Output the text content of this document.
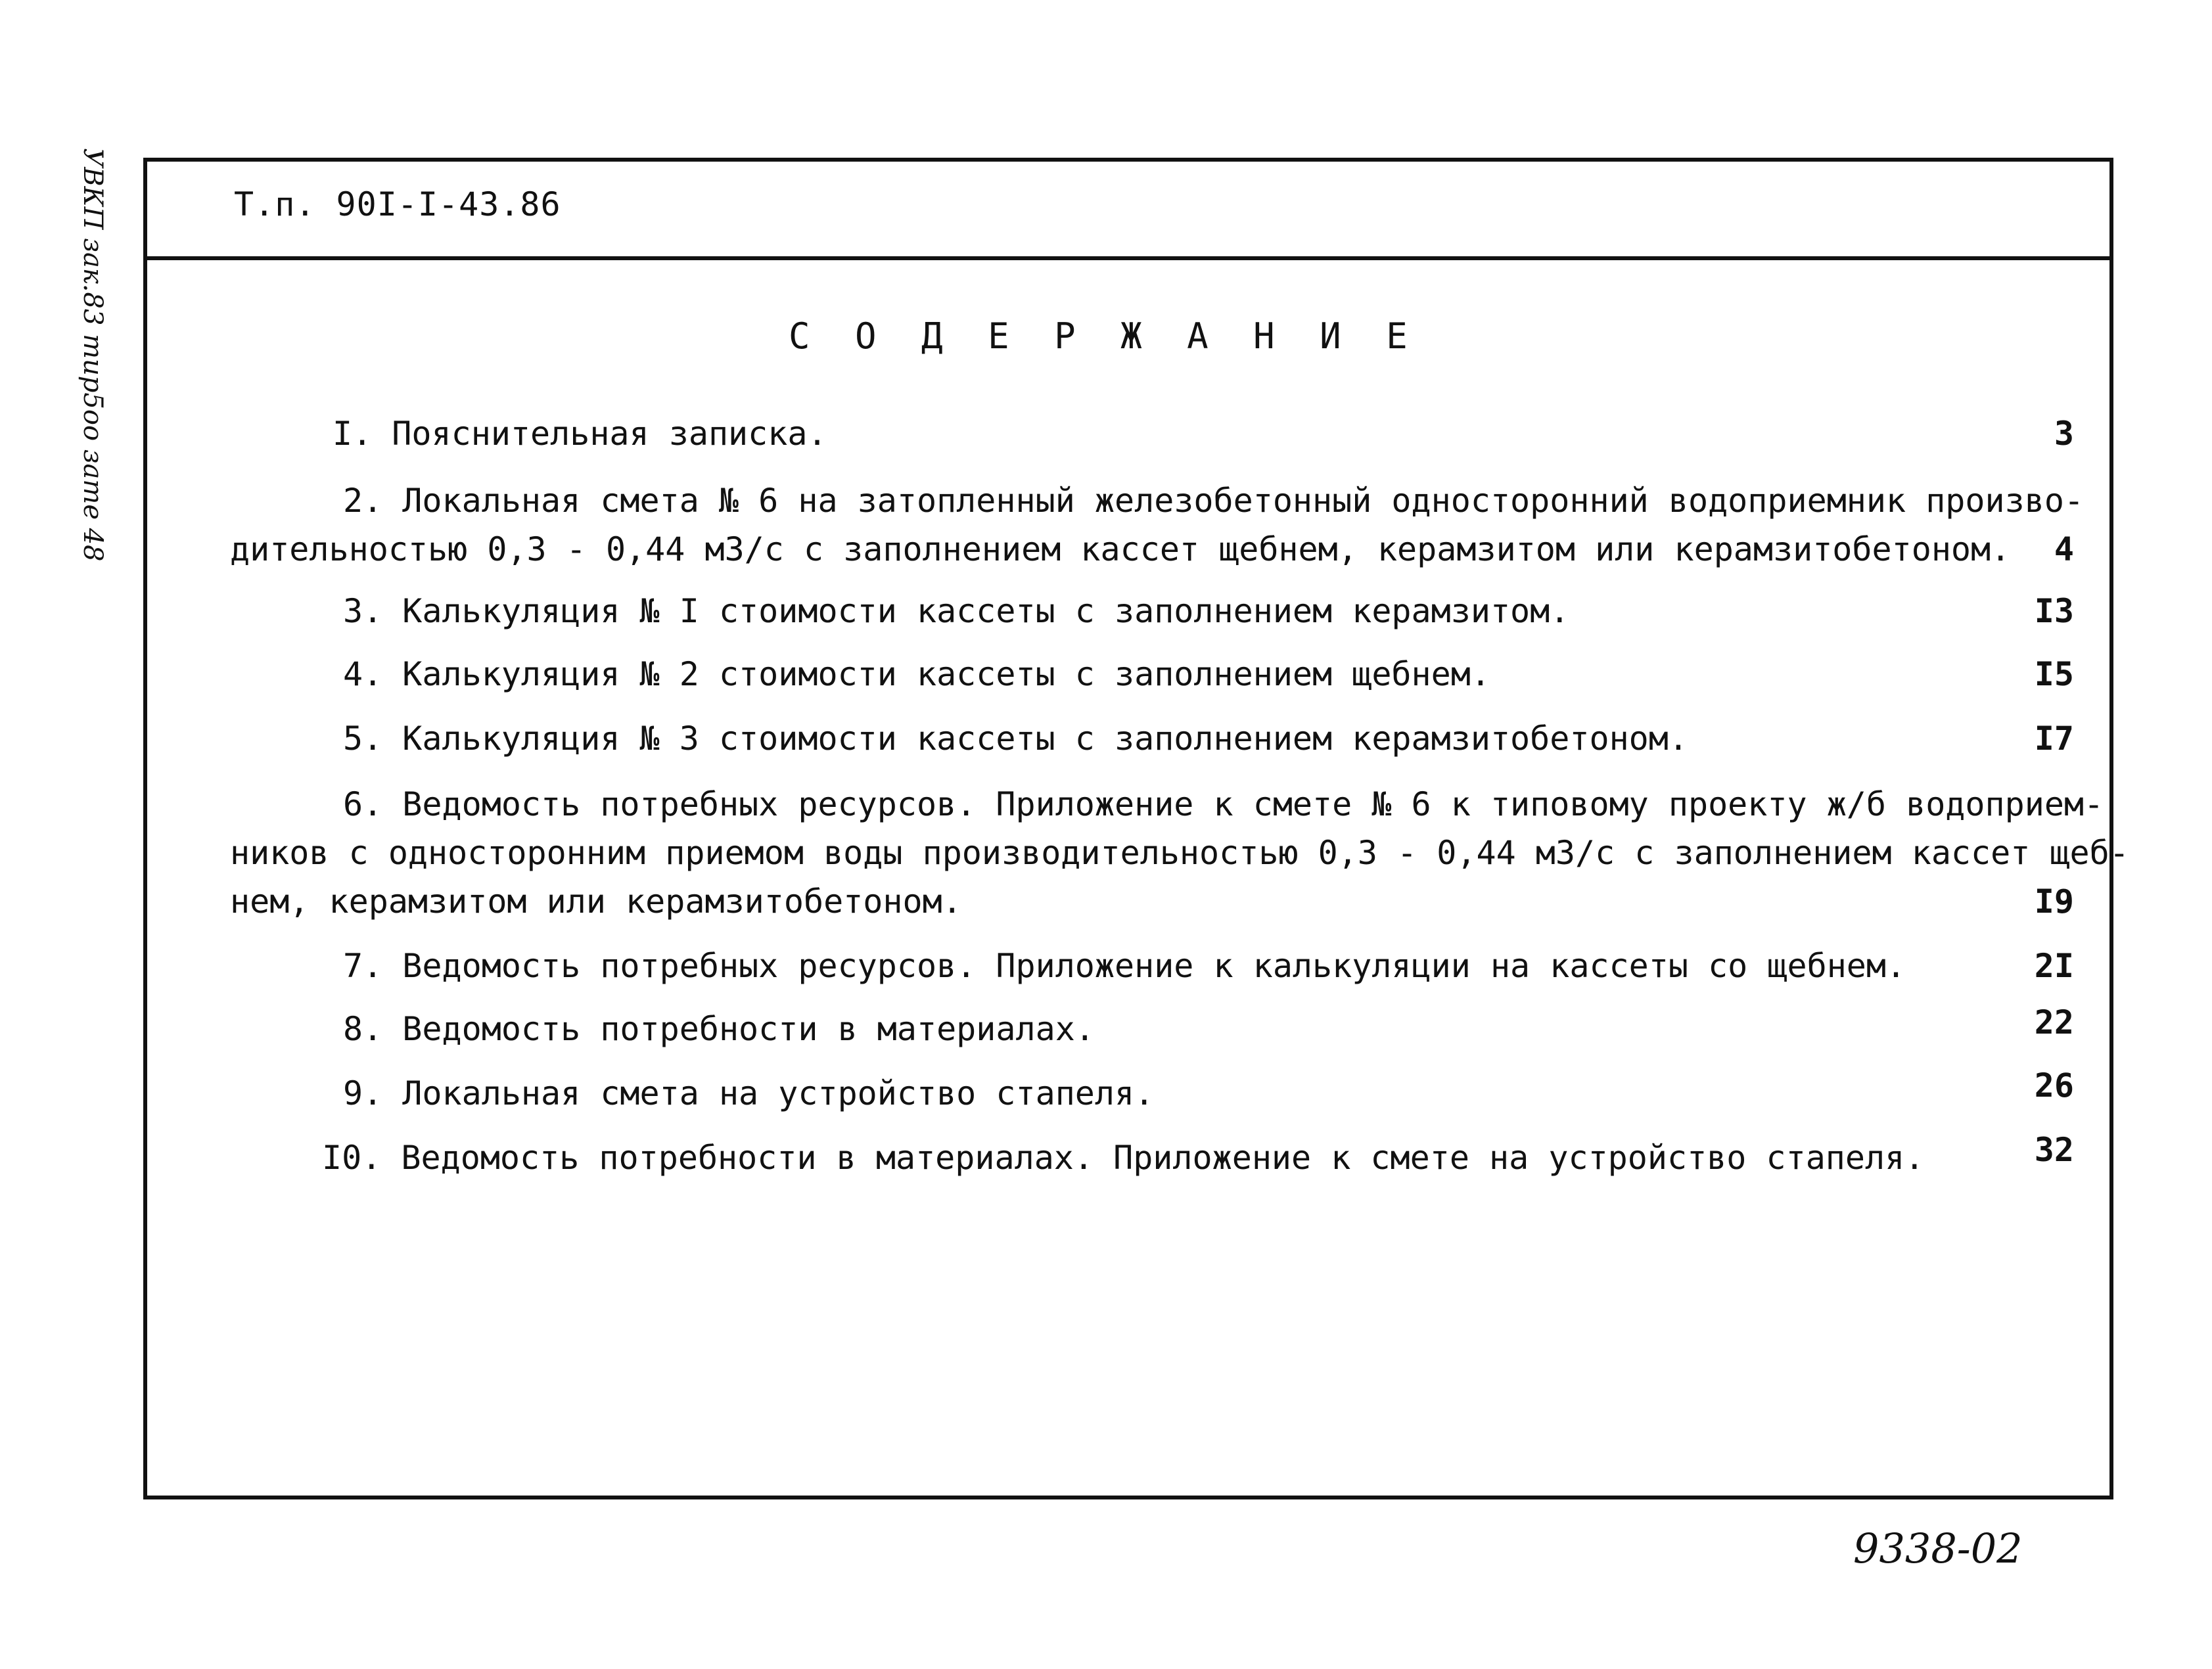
УВКП зак.83 тир5оо зате 48	Т.п. 90I-I-43.86
С О Д Е Р Ж А Н И Е
I. Пояснительная записка.	3
2. Локальная смета № 6 на затопленный железобетонный односторонний водоприемник произво-
дительностью 0,3 - 0,44 м3/с с заполнением кассет щебнем, керамзитом или керамзитобетоном.	4
3. Калькуляция № I стоимости кассеты с заполнением керамзитом.	I3
4. Калькуляция № 2 стоимости кассеты с заполнением щебнем.	I5
5. Калькуляция № 3 стоимости кассеты с заполнением керамзитобетоном.	I7
6. Ведомость потребных ресурсов. Приложение к смете № 6 к типовому проекту ж/б водоприем-
ников с односторонним приемом воды производительностью 0,3 - 0,44 м3/с с заполнением кассет щеб-
нем, керамзитом или керамзитобетоном.	I9
7. Ведомость потребных ресурсов. Приложение к калькуляции на кассеты со щебнем.	2I
8. Ведомость потребности в материалах.	22
9. Локальная смета на устройство стапеля.	26
I0. Ведомость потребности в материалах. Приложение к смете на устройство стапеля.	32
9338-02
